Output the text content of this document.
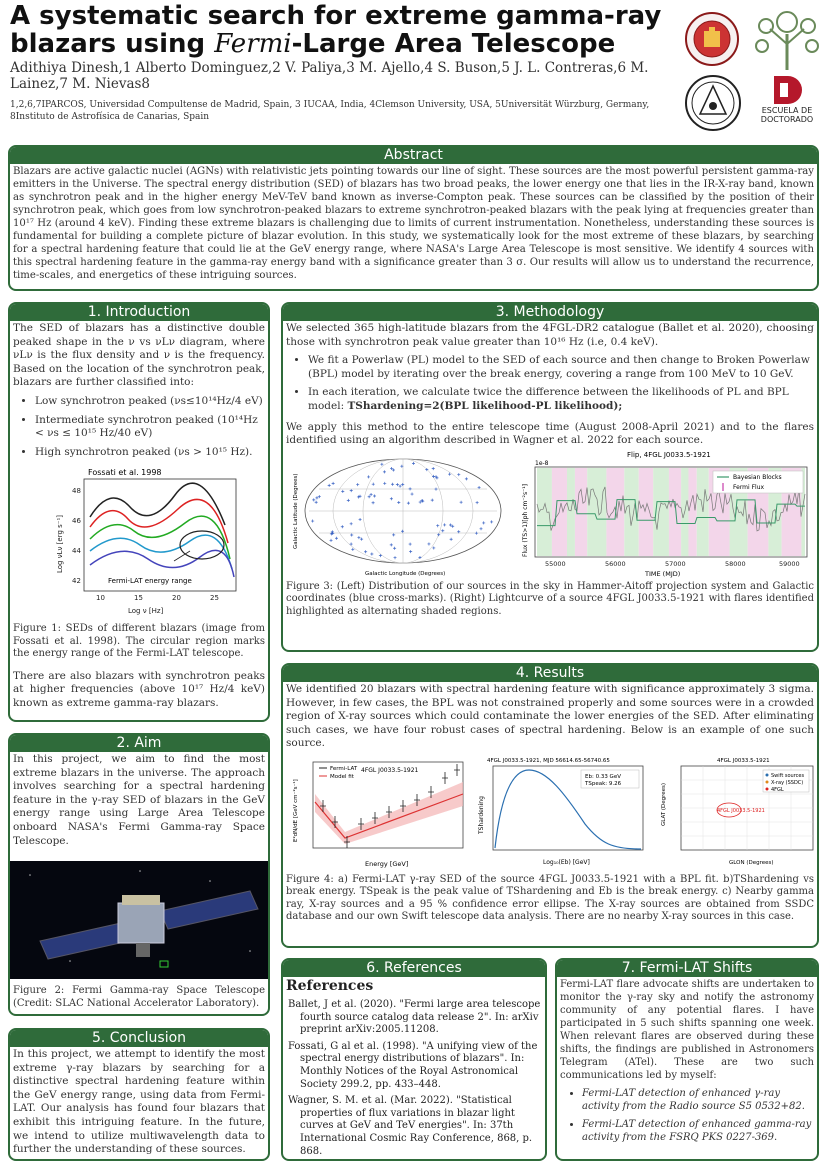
A systematic search for extreme gamma-ray blazars using Fermi-Large Area Telescope
Adithiya Dinesh,1 Alberto Dominguez,2 V. Paliya,3 M. Ajello,4 S. Buson,5 J. L. Contreras,6 M. Lainez,7 M. Nievas8
1,2,6,7IPARCOS, Universidad Compultense de Madrid, Spain, 3 IUCAA, India, 4Clemson University, USA, 5Universität Würzburg, Germany, 8Instituto de Astrofísica de Canarias, Spain
ESCUELA DE DOCTORADO
Abstract
Blazars are active galactic nuclei (AGNs) with relativistic jets pointing towards our line of sight. These sources are the most powerful persistent gamma-ray emitters in the Universe. The spectral energy distribution (SED) of blazars has two broad peaks, the lower energy one that lies in the IR-X-ray band, known as synchrotron peak and in the higher energy MeV-TeV band known as inverse-Compton peak. These sources can be classified by the position of their synchrotron peak, which goes from low synchrotron-peaked blazars to extreme synchrotron-peaked blazars with the peak lying at frequencies greater than 10¹⁷ Hz (around 4 keV). Finding these extreme blazars is challenging due to limits of current instrumentation. Nonetheless, understanding these sources is fundamental for building a complete picture of blazar evolution. In this study, we systematically look for the most extreme of these blazars, by searching for a spectral hardening feature that could lie at the GeV energy range, where NASA's Large Area Telescope is most sensitive. We identify 4 sources with this spectral hardening feature in the gamma-ray energy band with a significance greater than 3 σ. Our results will allow us to understand the recurrence, time-scales, and energetics of these intriguing sources.
1. Introduction
The SED of blazars has a distinctive double peaked shape in the ν vs νLν diagram, where νLν is the flux density and ν is the frequency. Based on the location of the synchrotron peak, blazars are further classified into:
• Low synchrotron peaked (νs≤10¹⁴Hz/4 eV)
• Intermediate synchrotron peaked (10¹⁴Hz < νs ≤ 10¹⁵ Hz/40 eV)
• High synchrotron peaked (νs > 10¹⁵ Hz).
Fossati et al. 1998
48
46
44
42
10	15	20	25
Log ν [Hz]
Log νLν [erg s⁻¹]
Fermi-LAT energy range
Figure 1: SEDs of different blazars (image from Fossati et al. 1998). The circular region marks the energy range of the Fermi-LAT telescope.
There are also blazars with synchrotron peaks at higher frequencies (above 10¹⁷ Hz/4 keV) known as extreme gamma-ray blazars.
2. Aim
In this project, we aim to find the most extreme blazars in the universe. The approach involves searching for a spectral hardening feature in the γ-ray SED of blazars in the GeV energy range using Large Area Telescope onboard NASA's Fermi Gamma-ray Space Telescope.
Figure 2: Fermi Gamma-ray Space Telescope (Credit: SLAC National Accelerator Laboratory).
5. Conclusion
In this project, we attempt to identify the most extreme γ-ray blazars by searching for a distinctive spectral hardening feature within the GeV energy range, using data from Fermi-LAT. Our analysis has found four blazars that exhibit this intriguing feature. In the future, we intend to utilize multiwavelength data to further the understanding of these sources.
3. Methodology
We selected 365 high-latitude blazars from the 4FGL-DR2 catalogue (Ballet et al. 2020), choosing those with synchrotron peak value greater than 10¹⁶ Hz (i.e, 0.4 keV).
• We fit a Powerlaw (PL) model to the SED of each source and then change to Broken Powerlaw (BPL) model by iterating over the break energy, covering a range from 100 MeV to 10 GeV.
• In each iteration, we calculate twice the difference between the likelihoods of PL and BPL model: TShardening=2(BPL likelihood-PL likelihood);
We apply this method to the entire telescope time (August 2008-April 2021) and to the flares identified using an algorithm described in Wagner et al. 2022 for each source.
Galactic Longitude (Degrees)
Galactic Latitude (Degrees)
Flip, 4FGL J0033.5-1921
1e-8
Bayesian Blocks
Fermi Flux
55000	56000	57000	58000	59000
TIME (MJD)
Flux (TS>1)[ph cm⁻²s⁻¹]
Figure 3: (Left) Distribution of our sources in the sky in Hammer-Aitoff projection system and Galactic coordinates (blue cross-marks). (Right) Lightcurve of a source 4FGL J0033.5-1921 with flares identified highlighted as alternating shaded regions.
4. Results
We identified 20 blazars with spectral hardening feature with significance approximately 3 sigma. However, in few cases, the BPL was not constrained properly and some sources were in a crowded region of X-ray sources which could contaminate the lower energies of the SED. After eliminating such cases, we have four robust cases of spectral hardening. Below is an example of one such source.
4FGL J0033.5-1921
Fermi-LAT
Model fit
Energy [GeV]
E²dN/dE [GeV cm⁻²s⁻¹]
4FGL J0033.5-1921, MJD 56614.65-56740.65
Eb: 0.33 GeV
TSpeak: 9.26
Log₁₀(Eb) [GeV]
TShardening
4FGL J0033.5-1921
4FGL J0033.5-1921
Swift sources
X-ray (SSDC)
4FGL
GLON (Degrees)
GLAT (Degrees)
Figure 4: a) Fermi-LAT γ-ray SED of the source 4FGL J0033.5-1921 with a BPL fit. b)TShardening vs break energy. TSpeak is the peak value of TShardening and Eb is the break energy. c) Nearby gamma ray, X-ray sources and a 95 % confidence error ellipse. The X-ray sources are obtained from SSDC database and our own Swift telescope data analysis. There are no nearby X-ray sources in this case.
6. References
References
Ballet, J et al. (2020). "Fermi large area telescope fourth source catalog data release 2". In: arXiv preprint arXiv:2005.11208.
Fossati, G al et al. (1998). "A unifying view of the spectral energy distributions of blazars". In: Monthly Notices of the Royal Astronomical Society 299.2, pp. 433–448.
Wagner, S. M. et al. (Mar. 2022). "Statistical properties of flux variations in blazar light curves at GeV and TeV energies". In: 37th International Cosmic Ray Conference, 868, p. 868.
7. Fermi-LAT Shifts
Fermi-LAT flare advocate shifts are undertaken to monitor the γ-ray sky and notify the astronomy community of any potential flares. I have participated in 5 such shifts spanning one week. When relevant flares are observed during these shifts, the findings are published in Astronomers Telegram (ATel). These are two such communications led by myself:
• Fermi-LAT detection of enhanced γ-ray activity from the Radio source S5 0532+82.
• Fermi-LAT detection of enhanced gamma-ray activity from the FSRQ PKS 0227-369.
